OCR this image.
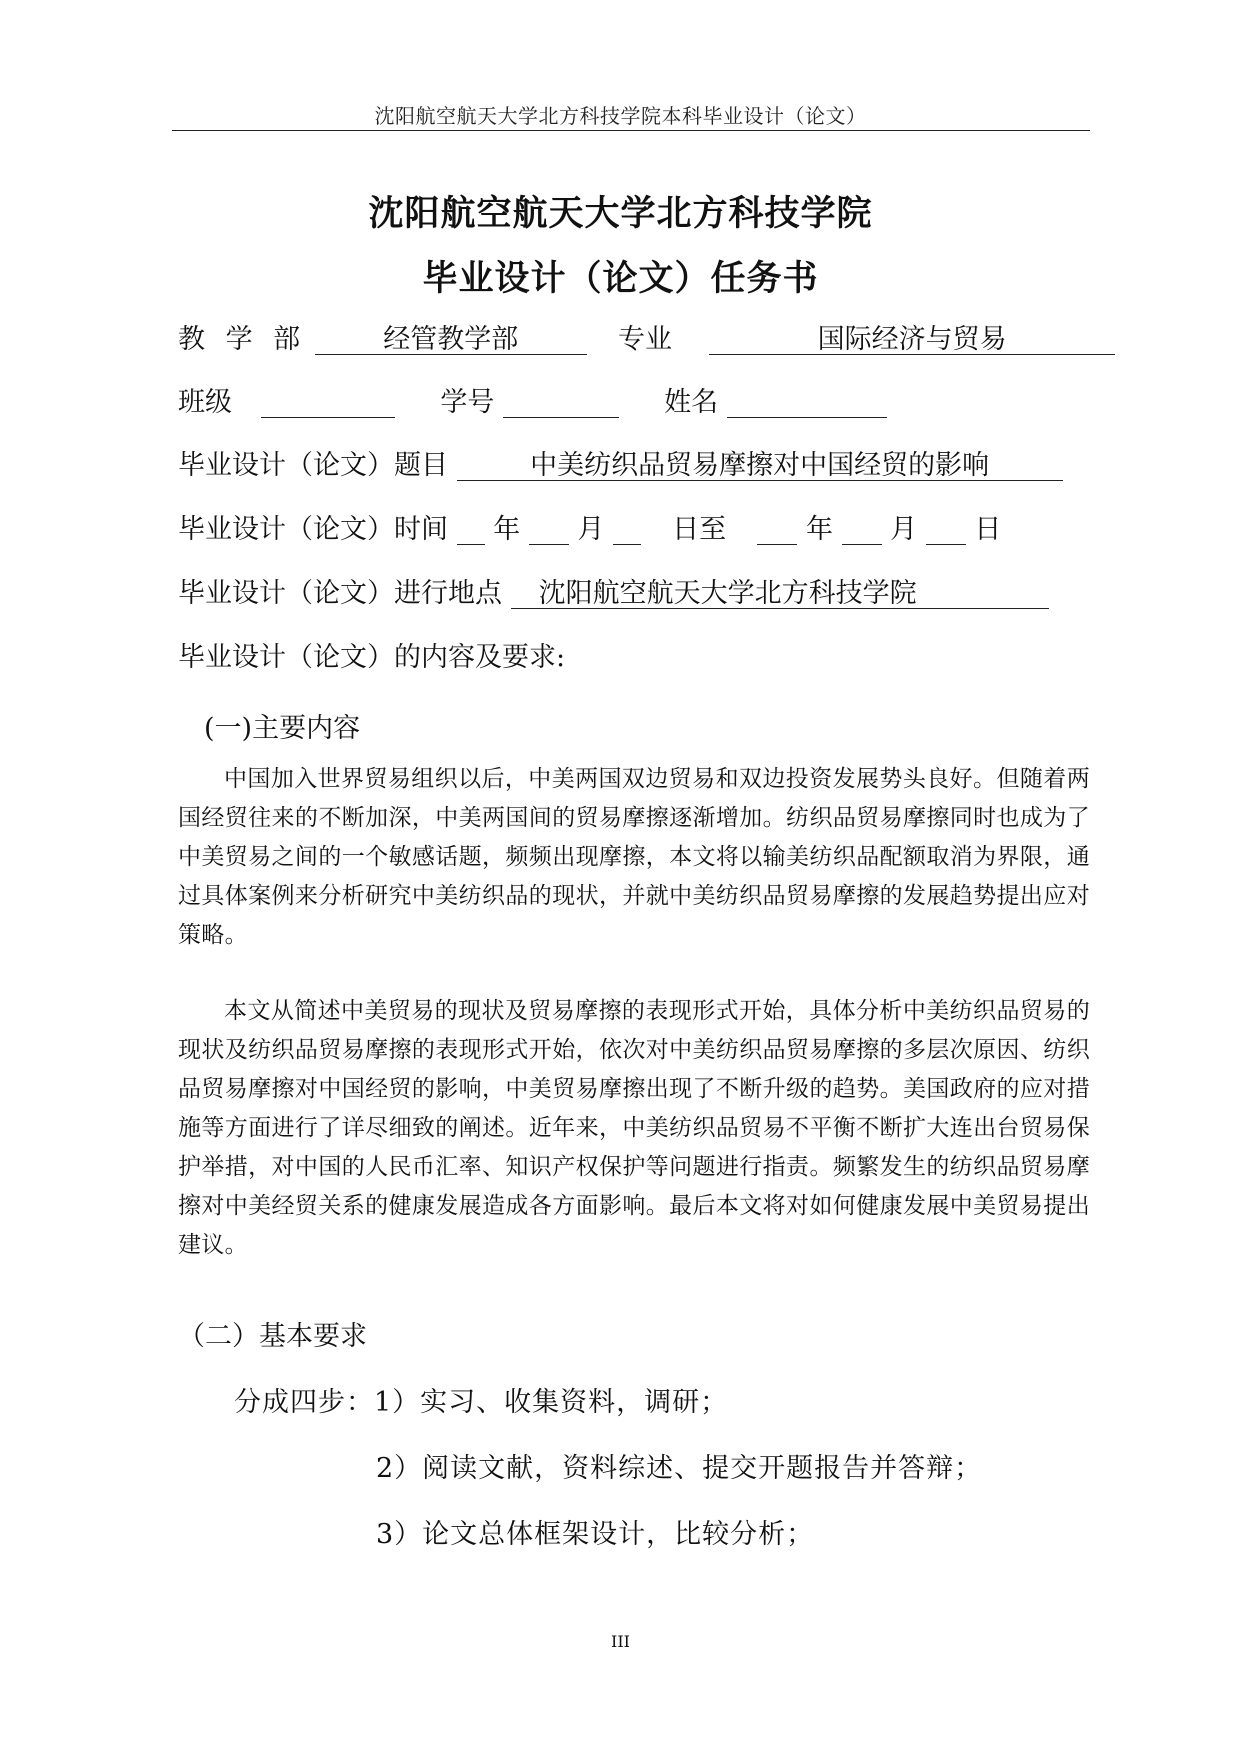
沈阳航空航天大学北方科技学院本科毕业设计（论文）
沈阳航空航天大学北方科技学院
毕业设计（论文）任务书
教 学 部	经管教学部	专业	国际经济与贸易
班级	学号	姓名
毕业设计（论文）题目	中美纺织品贸易摩擦对中国经贸的影响
毕业设计（论文）时间 年 月	日至	年 月 日
毕业设计（论文）进行地点 沈阳航空航天大学北方科技学院
毕业设计（论文）的内容及要求:
(一)主要内容
中国加入世界贸易组织以后，中美两国双边贸易和双边投资发展势头良好。但随着两国经贸往来的不断加深，中美两国间的贸易摩擦逐渐增加。纺织品贸易摩擦同时也成为了中美贸易之间的一个敏感话题，频频出现摩擦，本文将以输美纺织品配额取消为界限，通过具体案例来分析研究中美纺织品的现状，并就中美纺织品贸易摩擦的发展趋势提出应对策略。
本文从简述中美贸易的现状及贸易摩擦的表现形式开始，具体分析中美纺织品贸易的现状及纺织品贸易摩擦的表现形式开始，依次对中美纺织品贸易摩擦的多层次原因、纺织品贸易摩擦对中国经贸的影响，中美贸易摩擦出现了不断升级的趋势。美国政府的应对措施等方面进行了详尽细致的阐述。近年来，中美纺织品贸易不平衡不断扩大连出台贸易保护举措，对中国的人民币汇率、知识产权保护等问题进行指责。频繁发生的纺织品贸易摩擦对中美经贸关系的健康发展造成各方面影响。最后本文将对如何健康发展中美贸易提出建议。
（二）基本要求
分成四步：1）实习、收集资料，调研；
2）阅读文献，资料综述、提交开题报告并答辩；
3）论文总体框架设计，比较分析；
III
